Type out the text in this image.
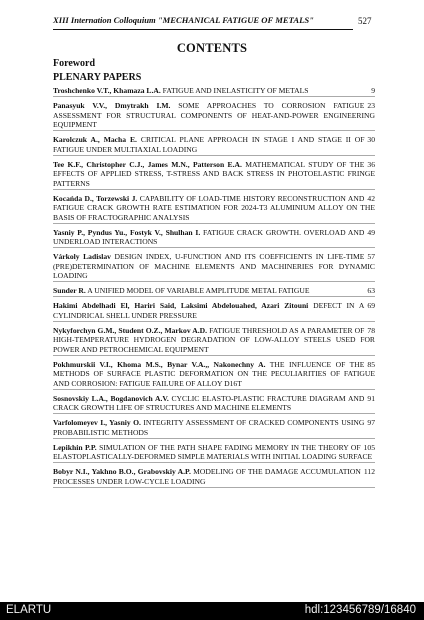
XIII Internation Colloquium "MECHANICAL FATIGUE OF METALS"	527
CONTENTS
Foreword
PLENARY PAPERS
9
Troshchenko V.T., Khamaza L.A. FATIGUE AND INELASTICITY OF METALS
23
Panasyuk V.V., Dmytrakh I.M. SOME APPROACHES TO CORROSION FATIGUE ASSESSMENT FOR STRUCTURAL COMPONENTS OF HEAT-AND-POWER ENGINEERING EQUIPMENT
30
Karolczuk A., Macha E. CRITICAL PLANE APPROACH IN STAGE I AND STAGE II OF FATIGUE UNDER MULTIAXIAL LOADING
36
Tee K.F., Christopher C.J., James M.N., Patterson E.A. MATHEMATICAL STUDY OF THE EFFECTS OF APPLIED STRESS, T-STRESS AND BACK STRESS IN PHOTOELASTIC FRINGE PATTERNS
42
Kocańda D., Torzewski J. CAPABILITY OF LOAD-TIME HISTORY RECONSTRUCTION AND FATIGUE CRACK GROWTH RATE ESTIMATION FOR 2024-T3 ALUMINIUM ALLOY ON THE BASIS OF FRACTOGRAPHIC ANALYSIS
49
Yasniy P., Pyndus Yu., Fostyk V., Shulhan I. FATIGUE CRACK GROWTH. OVERLOAD AND UNDERLOAD INTERACTIONS
57
Várkoly Ladislav DESIGN INDEX, U-FUNCTION AND ITS COEFFICIENTS IN LIFE-TIME (PRE)DETERMINATION OF MACHINE ELEMENTS AND MACHINERIES FOR DYNAMIC LOADING
63
Sunder R. A UNIFIED MODEL OF VARIABLE AMPLITUDE METAL FATIGUE
69
Hakimi Abdelhadi El, Hariri Said, Laksimi Abdelouahed, Azari Zitouni DEFECT IN A CYLINDRICAL SHELL UNDER PRESSURE
78
Nykyforchyn G.M., Student O.Z., Markov A.D. FATIGUE THRESHOLD AS A PARAMETER OF HIGH-TEMPERATURE HYDROGEN DEGRADATION OF LOW-ALLOY STEELS USED FOR POWER AND PETROCHEMICAL EQUIPMENT
85
Pokhmurskii V.I., Khoma M.S., Bynar V.A.,, Nakonechny A. THE INFLUENCE OF THE METHODS OF SURFACE PLASTIC DEFORMATION ON THE PECULIARITIES OF FATIGUE AND CORROSION: FATIGUE FAILURE OF ALLOY D16T
91
Sosnovskiy L.A., Bogdanovich A.V. CYCLIC ELASTO-PLASTIC FRACTURE DIAGRAM AND CRACK GROWTH LIFE OF STRUCTURES AND MACHINE ELEMENTS
97
Varfolomeyev I., Yasniy O. INTEGRITY ASSESSMENT OF CRACKED COMPONENTS USING PROBABILISTIC METHODS
105
Lepikhin P.P. SIMULATION OF THE PATH SHAPE FADING MEMORY IN THE THEORY OF ELASTOPLASTICALLY-DEFORMED SIMPLE MATERIALS WITH INITIAL LOADING SURFACE
112
Bobyr N.I., Yakhno B.O., Grabovskiy A.P. MODELING OF THE DAMAGE ACCUMULATION PROCESSES UNDER LOW-CYCLE LOADING
ELARTU	hdl:123456789/16840
